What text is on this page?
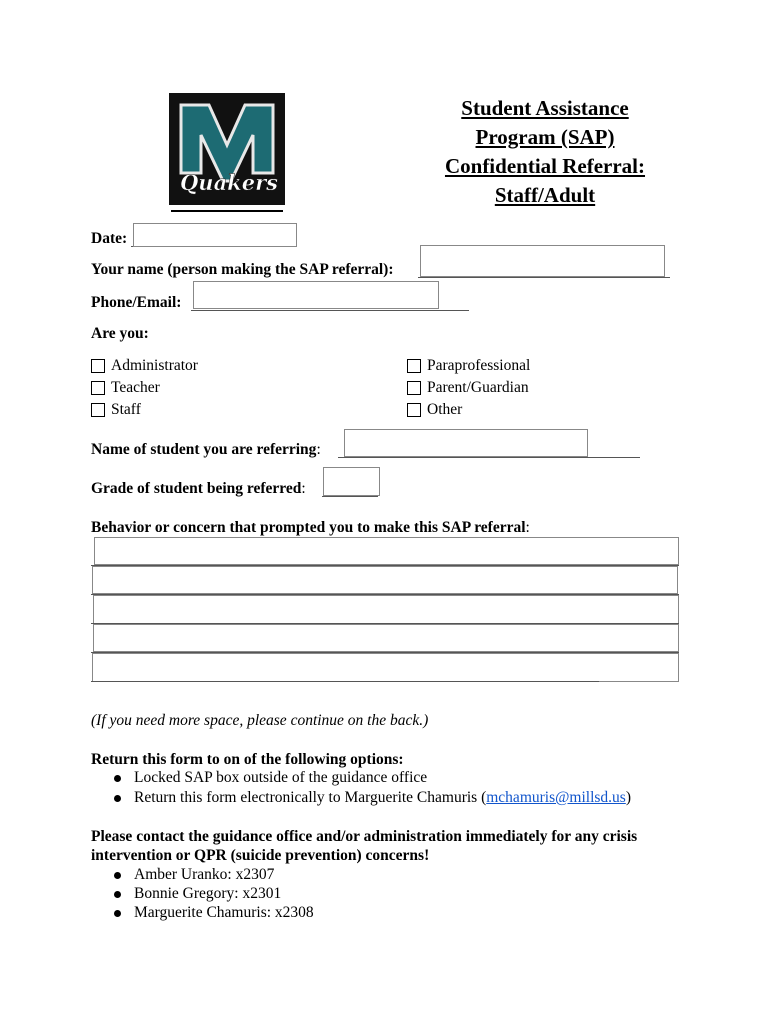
Quakers
Student Assistance
Program (SAP)
Confidential Referral:
Staff/Adult
Date:
Your name (person making the SAP referral):
Phone/Email:
Are you:
Administrator
Teacher
Staff
Paraprofessional
Parent/Guardian
Other
Name of student you are referring:
Grade of student being referred:
Behavior or concern that prompted you to make this SAP referral:
(If you need more space, please continue on the back.)
Return this form to on of the following options:
Locked SAP box outside of the guidance office
Return this form electronically to Marguerite Chamuris ( mchamuris@millsd.us )
Please contact the guidance office and/or administration immediately for any crisis
intervention or QPR (suicide prevention) concerns!
Amber Uranko: x2307
Bonnie Gregory: x2301
Marguerite Chamuris: x2308
